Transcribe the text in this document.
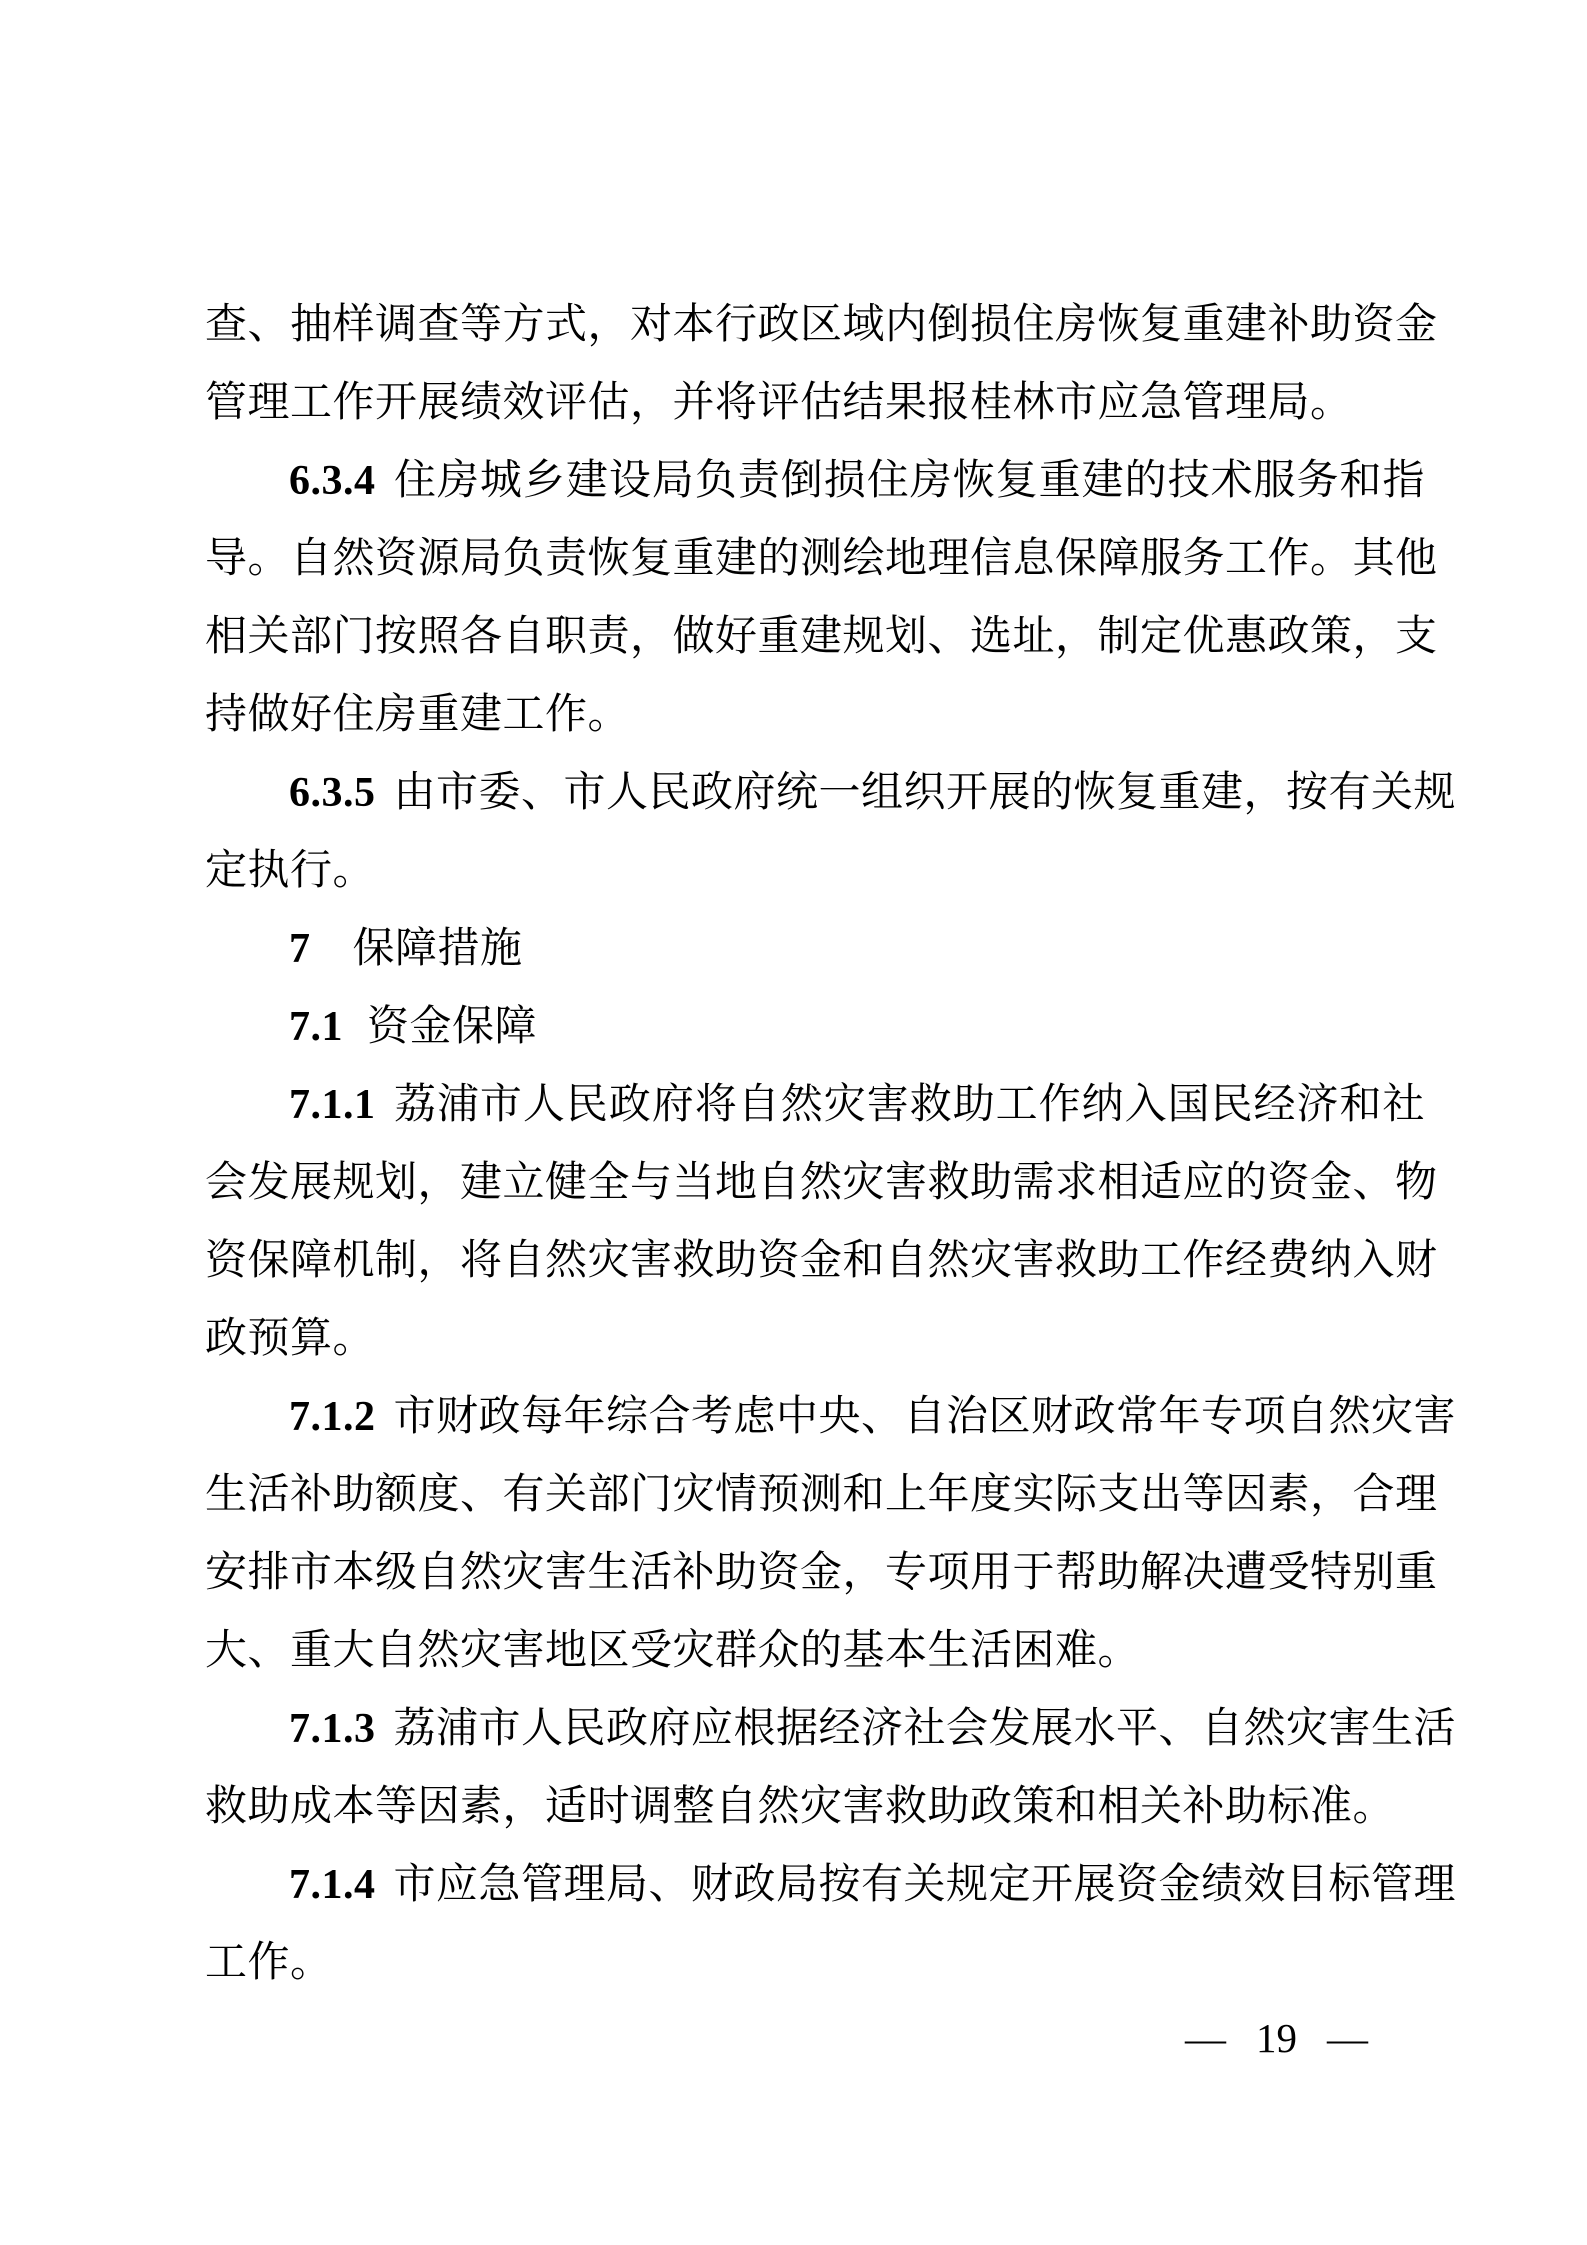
查、抽样调查等方式，对本行政区域内倒损住房恢复重建补助资金
管理工作开展绩效评估，并将评估结果报桂林市应急管理局。
6.3.4 住房城乡建设局负责倒损住房恢复重建的技术服务和指
导。自然资源局负责恢复重建的测绘地理信息保障服务工作。其他
相关部门按照各自职责，做好重建规划、选址，制定优惠政策，支
持做好住房重建工作。
6.3.5 由市委、市人民政府统一组织开展的恢复重建，按有关规
定执行。
7 保障措施
7.1 资金保障
7.1.1 荔浦市人民政府将自然灾害救助工作纳入国民经济和社
会发展规划，建立健全与当地自然灾害救助需求相适应的资金、物
资保障机制，将自然灾害救助资金和自然灾害救助工作经费纳入财
政预算。
7.1.2 市财政每年综合考虑中央、自治区财政常年专项自然灾害
生活补助额度、有关部门灾情预测和上年度实际支出等因素，合理
安排市本级自然灾害生活补助资金，专项用于帮助解决遭受特别重
大、重大自然灾害地区受灾群众的基本生活困难。
7.1.3 荔浦市人民政府应根据经济社会发展水平、自然灾害生活
救助成本等因素，适时调整自然灾害救助政策和相关补助标准。
7.1.4 市应急管理局、财政局按有关规定开展资金绩效目标管理
工作。
— 19 —
